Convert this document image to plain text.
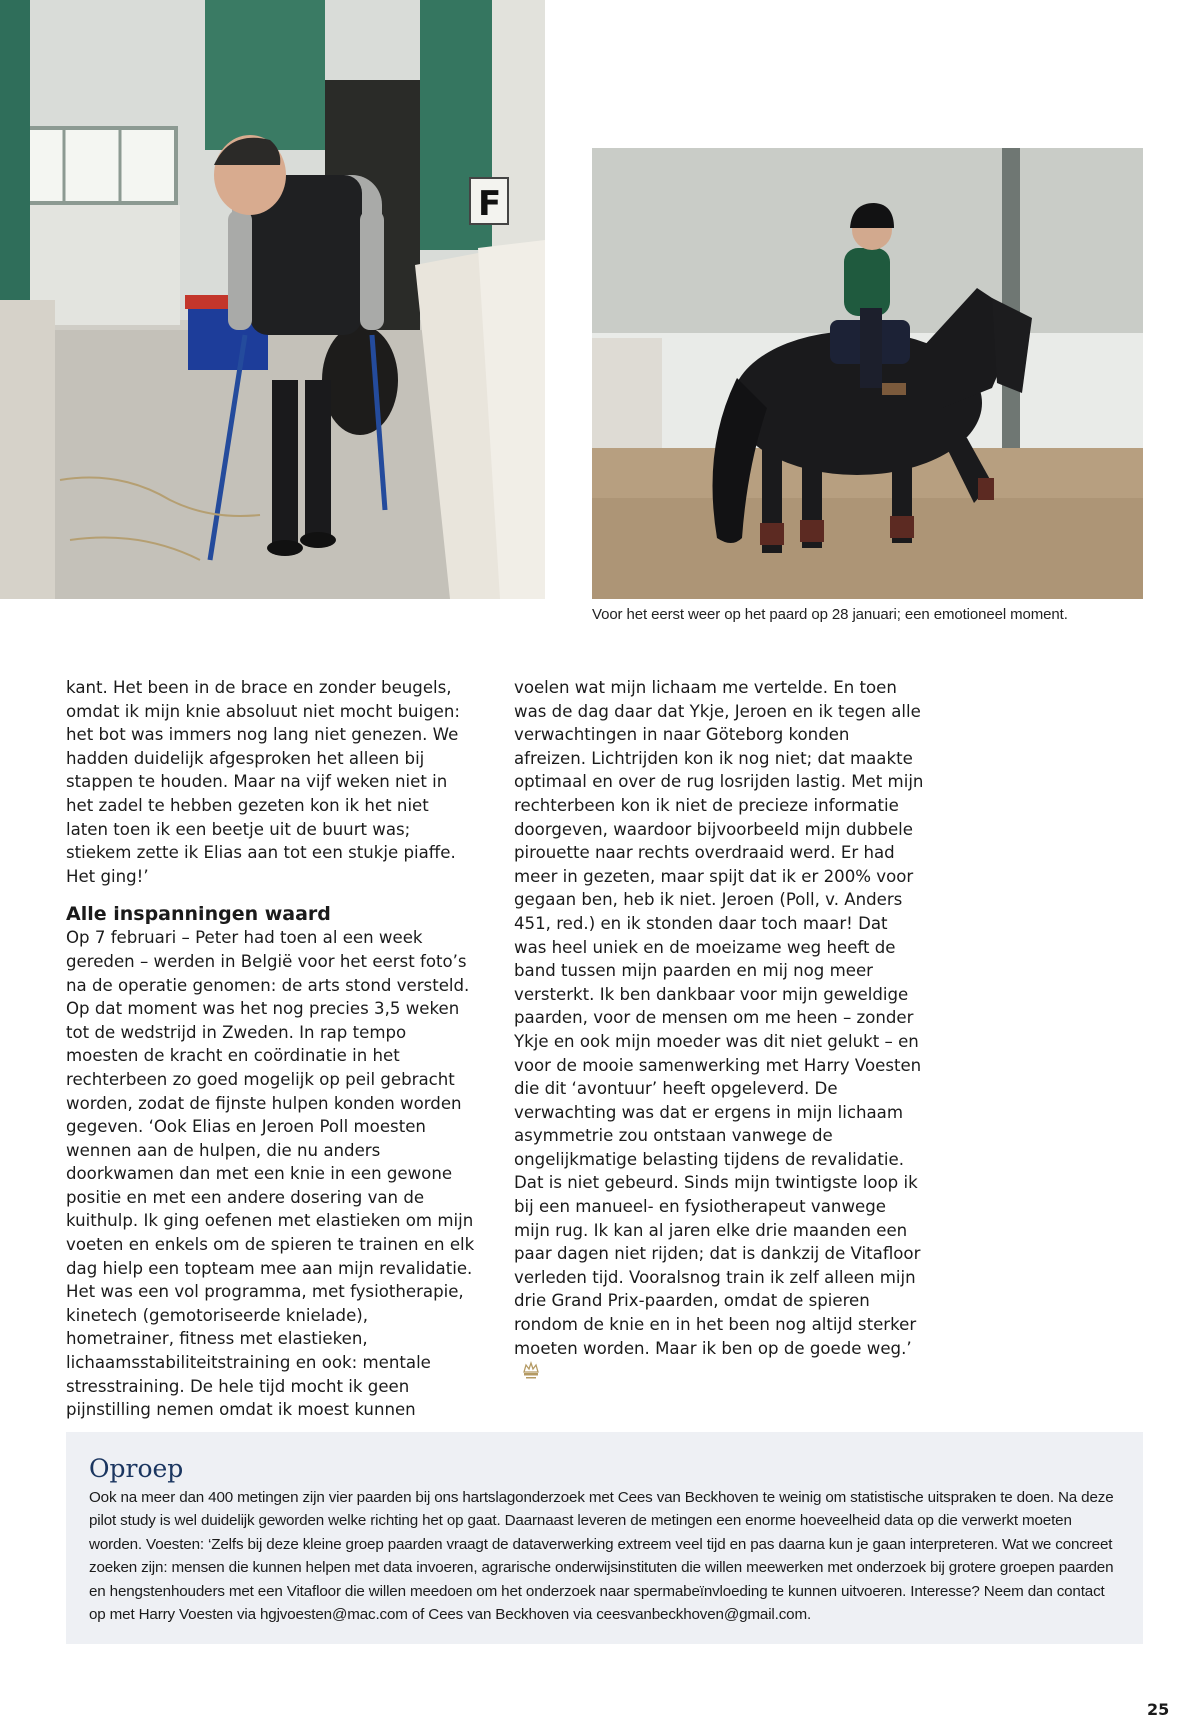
F
Voor het eerst weer op het paard op 28 januari; een emotioneel moment.

kant. Het been in de brace en zonder beugels, omdat ik mijn knie absoluut niet mocht buigen: het bot was immers nog lang niet genezen. We hadden duidelijk afgesproken het alleen bij stappen te houden. Maar na vijf weken niet in het zadel te hebben gezeten kon ik het niet laten toen ik een beetje uit de buurt was; stiekem zette ik Elias aan tot een stukje piaffe. Het ging!’

Alle inspanningen waard

Op 7 februari – Peter had toen al een week gereden – werden in België voor het eerst foto’s na de operatie genomen: de arts stond versteld. Op dat moment was het nog precies 3,5 weken tot de wedstrijd in Zweden. In rap tempo moesten de kracht en coördinatie in het rechterbeen zo goed mogelijk op peil gebracht worden, zodat de fijnste hulpen konden worden gegeven. ‘Ook Elias en Jeroen Poll moesten wennen aan de hulpen, die nu anders doorkwamen dan met een knie in een gewone positie en met een andere dosering van de kuithulp. Ik ging oefenen met elastieken om mijn voeten en enkels om de spieren te trainen en elk dag hielp een topteam mee aan mijn revalidatie. Het was een vol programma, met fysiotherapie, kinetech (gemotoriseerde knielade), hometrainer, fitness met elastieken, lichaamsstabiliteitstraining en ook: mentale stresstraining. De hele tijd mocht ik geen pijnstilling nemen omdat ik moest kunnen

voelen wat mijn lichaam me vertelde. En toen was de dag daar dat Ykje, Jeroen en ik tegen alle verwachtingen in naar Göteborg konden afreizen. Lichtrijden kon ik nog niet; dat maakte optimaal en over de rug losrijden lastig. Met mijn rechterbeen kon ik niet de precieze informatie doorgeven, waardoor bijvoorbeeld mijn dubbele pirouette naar rechts overdraaid werd. Er had meer in gezeten, maar spijt dat ik er 200% voor gegaan ben, heb ik niet. Jeroen (Poll, v. Anders 451, red.) en ik stonden daar toch maar! Dat was heel uniek en de moeizame weg heeft de band tussen mijn paarden en mij nog meer versterkt. Ik ben dankbaar voor mijn geweldige paarden, voor de mensen om me heen – zonder Ykje en ook mijn moeder was dit niet gelukt – en voor de mooie samenwerking met Harry Voesten die dit ‘avontuur’ heeft opgeleverd. De verwachting was dat er ergens in mijn lichaam asymmetrie zou ontstaan vanwege de ongelijkmatige belasting tijdens de revalidatie. Dat is niet gebeurd. Sinds mijn twintigste loop ik bij een manueel- en fysiotherapeut vanwege mijn rug. Ik kan al jaren elke drie maanden een paar dagen niet rijden; dat is dankzij de Vitafloor verleden tijd. Vooralsnog train ik zelf alleen mijn drie Grand Prix-paarden, omdat de spieren rondom de knie en in het been nog altijd sterker moeten worden. Maar ik ben op de goede weg.’

Oproep
Ook na meer dan 400 metingen zijn vier paarden bij ons hartslagonderzoek met Cees van Beckhoven te weinig om statistische uitspraken te doen. Na deze pilot study is wel duidelijk geworden welke richting het op gaat. Daarnaast leveren de metingen een enorme hoeveelheid data op die verwerkt moeten worden. Voesten: ‘Zelfs bij deze kleine groep paarden vraagt de dataverwerking extreem veel tijd en pas daarna kun je gaan interpreteren. Wat we concreet zoeken zijn: mensen die kunnen helpen met data invoeren, agrarische onderwijsinstituten die willen meewerken met onderzoek bij grotere groepen paarden en hengstenhouders met een Vitafloor die willen meedoen om het onderzoek naar spermabeïnvloeding te kunnen uitvoeren. Interesse? Neem dan contact op met Harry Voesten via hgjvoesten@mac.com of Cees van Beckhoven via ceesvanbeckhoven@gmail.com.
25
